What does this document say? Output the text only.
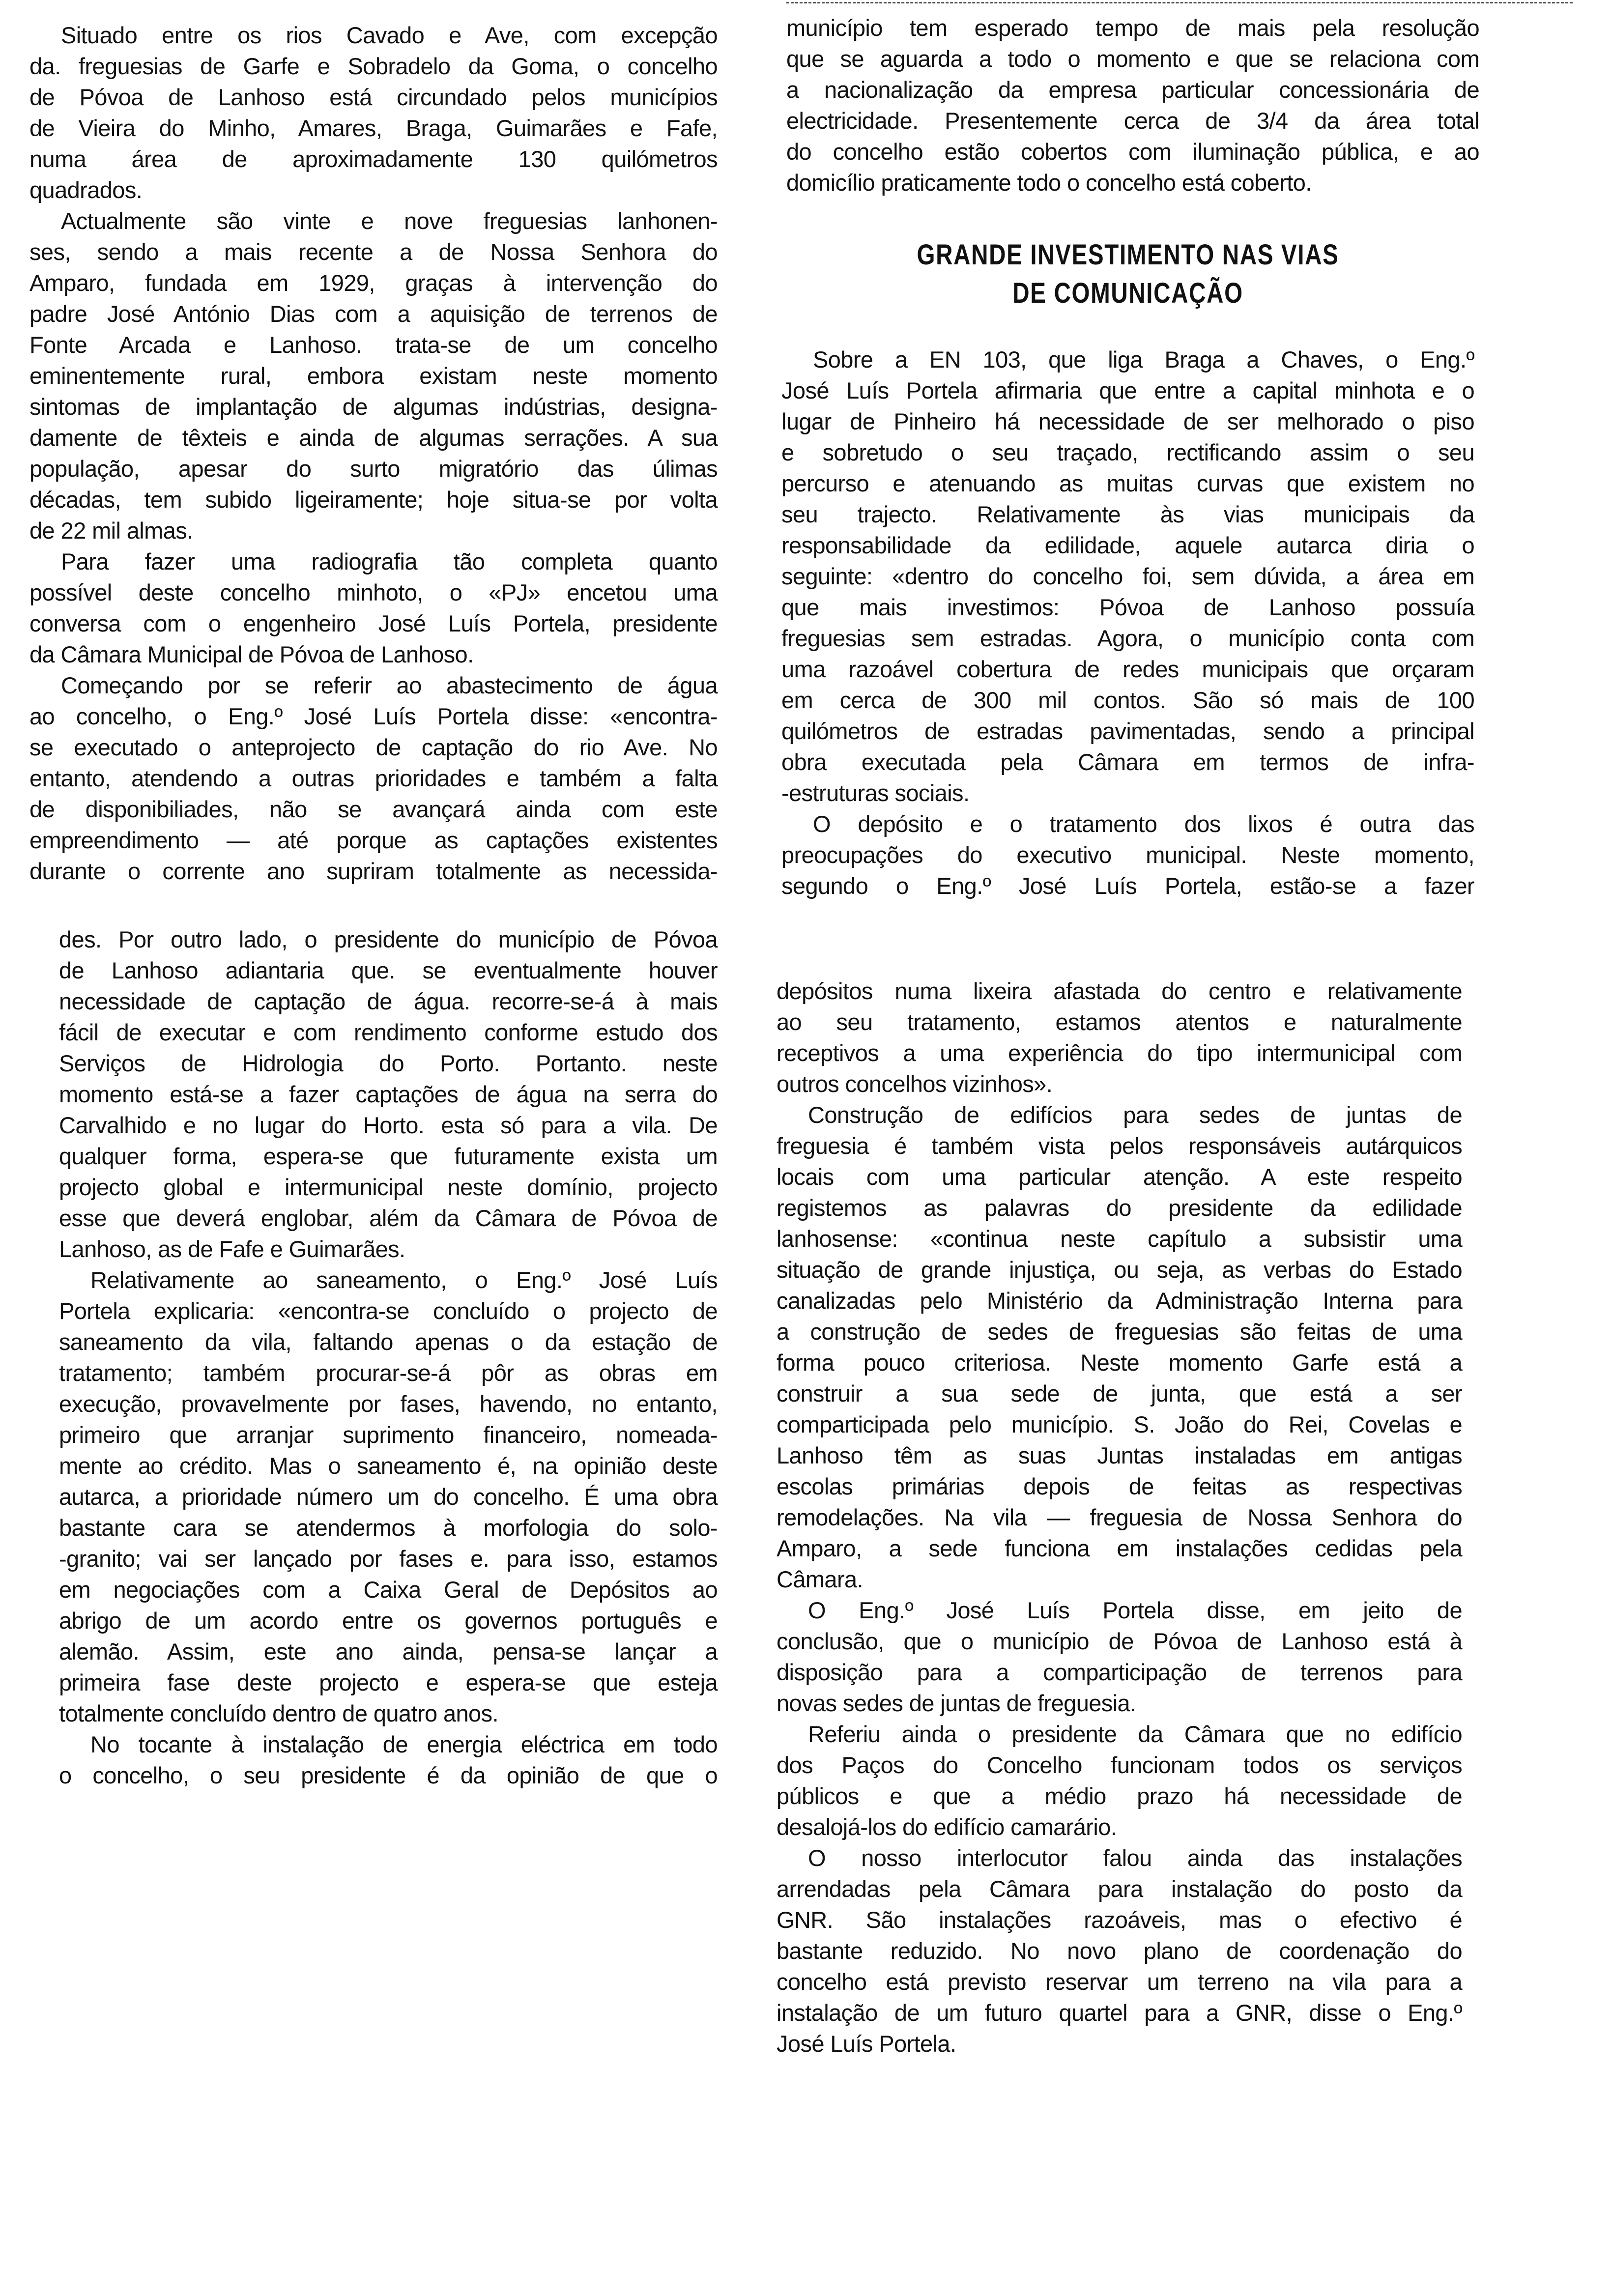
Situado entre os rios Cavado e Ave, com excepção
da. freguesias de Garfe e Sobradelo da Goma, o concelho
de Póvoa de Lanhoso está circundado pelos municípios
de Vieira do Minho, Amares, Braga, Guimarães e Fafe,
numa área de aproximadamente 130 quilómetros
quadrados.
Actualmente são vinte e nove freguesias lanhonen-
ses, sendo a mais recente a de Nossa Senhora do
Amparo, fundada em 1929, graças à intervenção do
padre José António Dias com a aquisição de terrenos de
Fonte Arcada e Lanhoso. trata-se de um concelho
eminentemente rural, embora existam neste momento
sintomas de implantação de algumas indústrias, designa-
damente de têxteis e ainda de algumas serrações. A sua
população, apesar do surto migratório das úlimas
décadas, tem subido ligeiramente; hoje situa-se por volta
de 22 mil almas.
Para fazer uma radiografia tão completa quanto
possível deste concelho minhoto, o «PJ» encetou uma
conversa com o engenheiro José Luís Portela, presidente
da Câmara Municipal de Póvoa de Lanhoso.
Começando por se referir ao abastecimento de água
ao concelho, o Eng.º José Luís Portela disse: «encontra-
se executado o anteprojecto de captação do rio Ave. No
entanto, atendendo a outras prioridades e também a falta
de disponibiliades, não se avançará ainda com este
empreendimento — até porque as captações existentes
durante o corrente ano supriram totalmente as necessida-
des. Por outro lado, o presidente do município de Póvoa
de Lanhoso adiantaria que. se eventualmente houver
necessidade de captação de água. recorre-se-á à mais
fácil de executar e com rendimento conforme estudo dos
Serviços de Hidrologia do Porto. Portanto. neste
momento está-se a fazer captações de água na serra do
Carvalhido e no lugar do Horto. esta só para a vila. De
qualquer forma, espera-se que futuramente exista um
projecto global e intermunicipal neste domínio, projecto
esse que deverá englobar, além da Câmara de Póvoa de
Lanhoso, as de Fafe e Guimarães.
Relativamente ao saneamento, o Eng.º José Luís
Portela explicaria: «encontra-se concluído o projecto de
saneamento da vila, faltando apenas o da estação de
tratamento; também procurar-se-á pôr as obras em
execução, provavelmente por fases, havendo, no entanto,
primeiro que arranjar suprimento financeiro, nomeada-
mente ao crédito. Mas o saneamento é, na opinião deste
autarca, a prioridade número um do concelho. É uma obra
bastante cara se atendermos à morfologia do solo-
-granito; vai ser lançado por fases e. para isso, estamos
em negociações com a Caixa Geral de Depósitos ao
abrigo de um acordo entre os governos português e
alemão. Assim, este ano ainda, pensa-se lançar a
primeira fase deste projecto e espera-se que esteja
totalmente concluído dentro de quatro anos.
No tocante à instalação de energia eléctrica em todo
o concelho, o seu presidente é da opinião de que o
município tem esperado tempo de mais pela resolução
que se aguarda a todo o momento e que se relaciona com
a nacionalização da empresa particular concessionária de
electricidade. Presentemente cerca de 3/4 da área total
do concelho estão cobertos com iluminação pública, e ao
domicílio praticamente todo o concelho está coberto.
GRANDE INVESTIMENTO NAS VIAS
DE COMUNICAÇÃO
Sobre a EN 103, que liga Braga a Chaves, o Eng.º
José Luís Portela afirmaria que entre a capital minhota e o
lugar de Pinheiro há necessidade de ser melhorado o piso
e sobretudo o seu traçado, rectificando assim o seu
percurso e atenuando as muitas curvas que existem no
seu trajecto. Relativamente às vias municipais da
responsabilidade da edilidade, aquele autarca diria o
seguinte: «dentro do concelho foi, sem dúvida, a área em
que mais investimos: Póvoa de Lanhoso possuía
freguesias sem estradas. Agora, o município conta com
uma razoável cobertura de redes municipais que orçaram
em cerca de 300 mil contos. São só mais de 100
quilómetros de estradas pavimentadas, sendo a principal
obra executada pela Câmara em termos de infra-
-estruturas sociais.
O depósito e o tratamento dos lixos é outra das
preocupações do executivo municipal. Neste momento,
segundo o Eng.º José Luís Portela, estão-se a fazer
depósitos numa lixeira afastada do centro e relativamente
ao seu tratamento, estamos atentos e naturalmente
receptivos a uma experiência do tipo intermunicipal com
outros concelhos vizinhos».
Construção de edifícios para sedes de juntas de
freguesia é também vista pelos responsáveis autárquicos
locais com uma particular atenção. A este respeito
registemos as palavras do presidente da edilidade
lanhosense: «continua neste capítulo a subsistir uma
situação de grande injustiça, ou seja, as verbas do Estado
canalizadas pelo Ministério da Administração Interna para
a construção de sedes de freguesias são feitas de uma
forma pouco criteriosa. Neste momento Garfe está a
construir a sua sede de junta, que está a ser
comparticipada pelo município. S. João do Rei, Covelas e
Lanhoso têm as suas Juntas instaladas em antigas
escolas primárias depois de feitas as respectivas
remodelações. Na vila — freguesia de Nossa Senhora do
Amparo, a sede funciona em instalações cedidas pela
Câmara.
O Eng.º José Luís Portela disse, em jeito de
conclusão, que o município de Póvoa de Lanhoso está à
disposição para a comparticipação de terrenos para
novas sedes de juntas de freguesia.
Referiu ainda o presidente da Câmara que no edifício
dos Paços do Concelho funcionam todos os serviços
públicos e que a médio prazo há necessidade de
desalojá-los do edifício camarário.
O nosso interlocutor falou ainda das instalações
arrendadas pela Câmara para instalação do posto da
GNR. São instalações razoáveis, mas o efectivo é
bastante reduzido. No novo plano de coordenação do
concelho está previsto reservar um terreno na vila para a
instalação de um futuro quartel para a GNR, disse o Eng.º
José Luís Portela.
